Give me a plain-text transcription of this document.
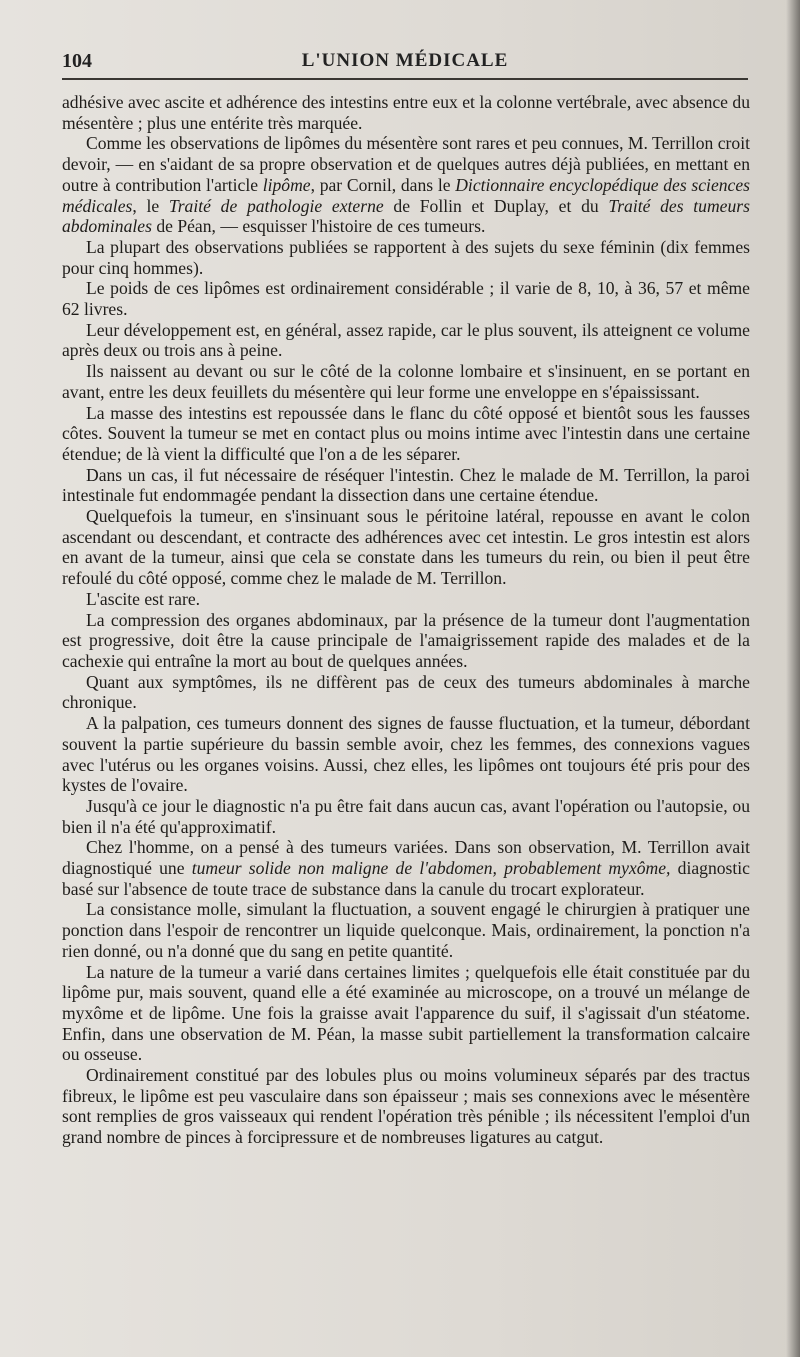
104	L'UNION MÉDICALE

adhésive avec ascite et adhérence des intestins entre eux et la colonne vertébrale, avec absence du mésentère ; plus une entérite très marquée.

Comme les observations de lipômes du mésentère sont rares et peu connues, M. Terrillon croit devoir, — en s'aidant de sa propre observation et de quelques autres déjà publiées, en mettant en outre à contribution l'article lipôme, par Cornil, dans le Dictionnaire encyclopédique des sciences médicales, le Traité de pathologie externe de Follin et Duplay, et du Traité des tumeurs abdominales de Péan, — esquisser l'histoire de ces tumeurs.

La plupart des observations publiées se rapportent à des sujets du sexe féminin (dix femmes pour cinq hommes).

Le poids de ces lipômes est ordinairement considérable ; il varie de 8, 10, à 36, 57 et même 62 livres.

Leur développement est, en général, assez rapide, car le plus souvent, ils atteignent ce volume après deux ou trois ans à peine.

Ils naissent au devant ou sur le côté de la colonne lombaire et s'insinuent, en se portant en avant, entre les deux feuillets du mésentère qui leur forme une enveloppe en s'épaississant.

La masse des intestins est repoussée dans le flanc du côté opposé et bientôt sous les fausses côtes. Souvent la tumeur se met en contact plus ou moins intime avec l'intestin dans une certaine étendue; de là vient la difficulté que l'on a de les séparer.

Dans un cas, il fut nécessaire de réséquer l'intestin. Chez le malade de M. Terrillon, la paroi intestinale fut endommagée pendant la dissection dans une certaine étendue.

Quelquefois la tumeur, en s'insinuant sous le péritoine latéral, repousse en avant le colon ascendant ou descendant, et contracte des adhérences avec cet intestin. Le gros intestin est alors en avant de la tumeur, ainsi que cela se constate dans les tumeurs du rein, ou bien il peut être refoulé du côté opposé, comme chez le malade de M. Terrillon.

L'ascite est rare.

La compression des organes abdominaux, par la présence de la tumeur dont l'augmentation est progressive, doit être la cause principale de l'amaigrissement rapide des malades et de la cachexie qui entraîne la mort au bout de quelques années.

Quant aux symptômes, ils ne diffèrent pas de ceux des tumeurs abdominales à marche chronique.

A la palpation, ces tumeurs donnent des signes de fausse fluctuation, et la tumeur, débordant souvent la partie supérieure du bassin semble avoir, chez les femmes, des connexions vagues avec l'utérus ou les organes voisins. Aussi, chez elles, les lipômes ont toujours été pris pour des kystes de l'ovaire.

Jusqu'à ce jour le diagnostic n'a pu être fait dans aucun cas, avant l'opération ou l'autopsie, ou bien il n'a été qu'approximatif.

Chez l'homme, on a pensé à des tumeurs variées. Dans son observation, M. Terrillon avait diagnostiqué une tumeur solide non maligne de l'abdomen, probablement myxôme, diagnostic basé sur l'absence de toute trace de substance dans la canule du trocart explorateur.

La consistance molle, simulant la fluctuation, a souvent engagé le chirurgien à pratiquer une ponction dans l'espoir de rencontrer un liquide quelconque. Mais, ordinairement, la ponction n'a rien donné, ou n'a donné que du sang en petite quantité.

La nature de la tumeur a varié dans certaines limites ; quelquefois elle était constituée par du lipôme pur, mais souvent, quand elle a été examinée au microscope, on a trouvé un mélange de myxôme et de lipôme. Une fois la graisse avait l'apparence du suif, il s'agissait d'un stéatome. Enfin, dans une observation de M. Péan, la masse subit partiellement la transformation calcaire ou osseuse.

Ordinairement constitué par des lobules plus ou moins volumineux séparés par des tractus fibreux, le lipôme est peu vasculaire dans son épaisseur ; mais ses connexions avec le mésentère sont remplies de gros vaisseaux qui rendent l'opération très pénible ; ils nécessitent l'emploi d'un grand nombre de pinces à forcipressure et de nombreuses ligatures au catgut.
